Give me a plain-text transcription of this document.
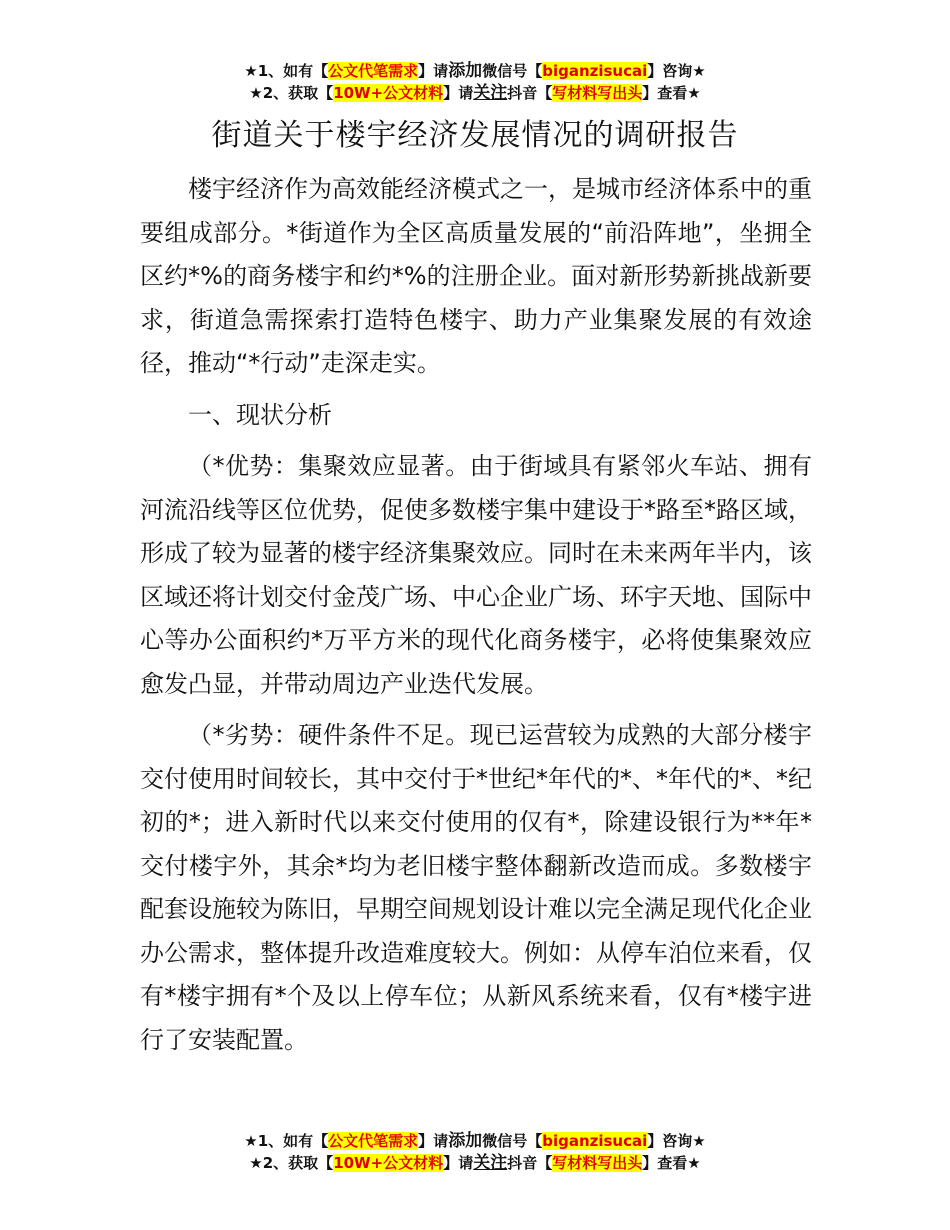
★1、如有【公文代笔需求】请添加微信号【biganzisucai】咨询★
★2、获取【10W+公文材料】请关注抖音【写材料写出头】查看★
街道关于楼宇经济发展情况的调研报告

楼宇经济作为高效能经济模式之一，是城市经济体系中的重要组成部分。*街道作为全区高质量发展的“前沿阵地”，坐拥全区约*%的商务楼宇和约*%的注册企业。面对新形势新挑战新要求，街道急需探索打造特色楼宇、助力产业集聚发展的有效途径，推动“*行动”走深走实。

一、现状分析

（*优势：集聚效应显著。由于街域具有紧邻火车站、拥有河流沿线等区位优势，促使多数楼宇集中建设于*路至*路区域，形成了较为显著的楼宇经济集聚效应。同时在未来两年半内，该区域还将计划交付金茂广场、中心企业广场、环宇天地、国际中心等办公面积约*万平方米的现代化商务楼宇，必将使集聚效应愈发凸显，并带动周边产业迭代发展。

（*劣势：硬件条件不足。现已运营较为成熟的大部分楼宇交付使用时间较长，其中交付于*世纪*年代的*、*年代的*、*纪初的*；进入新时代以来交付使用的仅有*，除建设银行为**年*交付楼宇外，其余*均为老旧楼宇整体翻新改造而成。多数楼宇配套设施较为陈旧，早期空间规划设计难以完全满足现代化企业办公需求，整体提升改造难度较大。例如：从停车泊位来看，仅有*楼宇拥有*个及以上停车位；从新风系统来看，仅有*楼宇进行了安装配置。

★1、如有【公文代笔需求】请添加微信号【biganzisucai】咨询★
★2、获取【10W+公文材料】请关注抖音【写材料写出头】查看★
